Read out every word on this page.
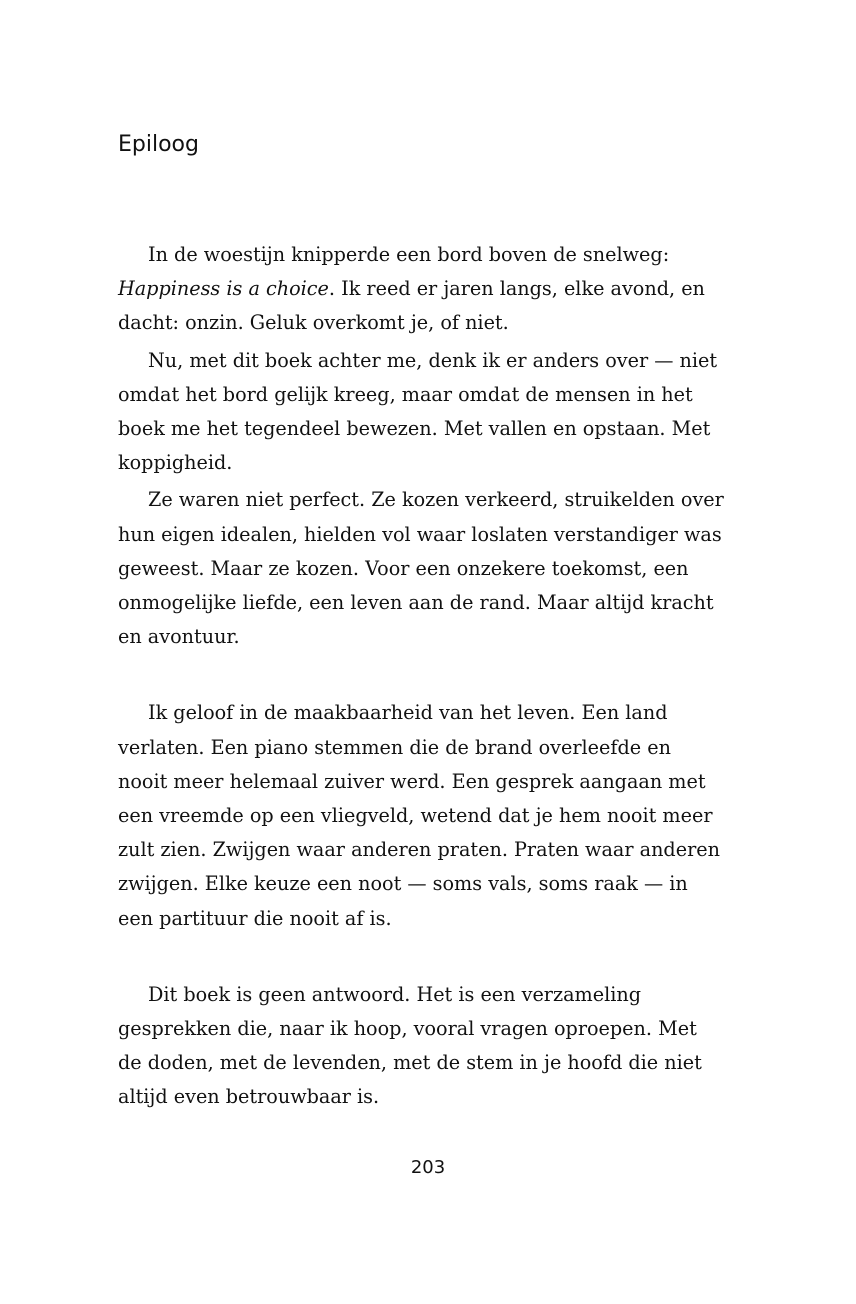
Epiloog

In de woestijn knipperde een bord boven de snelweg:
Happiness is a choice. Ik reed er jaren langs, elke avond, en
dacht: onzin. Geluk overkomt je, of niet.

Nu, met dit boek achter me, denk ik er anders over — niet
omdat het bord gelijk kreeg, maar omdat de mensen in het
boek me het tegendeel bewezen. Met vallen en opstaan. Met
koppigheid.

Ze waren niet perfect. Ze kozen verkeerd, struikelden over
hun eigen idealen, hielden vol waar loslaten verstandiger was
geweest. Maar ze kozen. Voor een onzekere toekomst, een
onmogelijke liefde, een leven aan de rand. Maar altijd kracht
en avontuur.

Ik geloof in de maakbaarheid van het leven. Een land
verlaten. Een piano stemmen die de brand overleefde en
nooit meer helemaal zuiver werd. Een gesprek aangaan met
een vreemde op een vliegveld, wetend dat je hem nooit meer
zult zien. Zwijgen waar anderen praten. Praten waar anderen
zwijgen. Elke keuze een noot — soms vals, soms raak — in
een partituur die nooit af is.

Dit boek is geen antwoord. Het is een verzameling
gesprekken die, naar ik hoop, vooral vragen oproepen. Met
de doden, met de levenden, met de stem in je hoofd die niet
altijd even betrouwbaar is.

203
